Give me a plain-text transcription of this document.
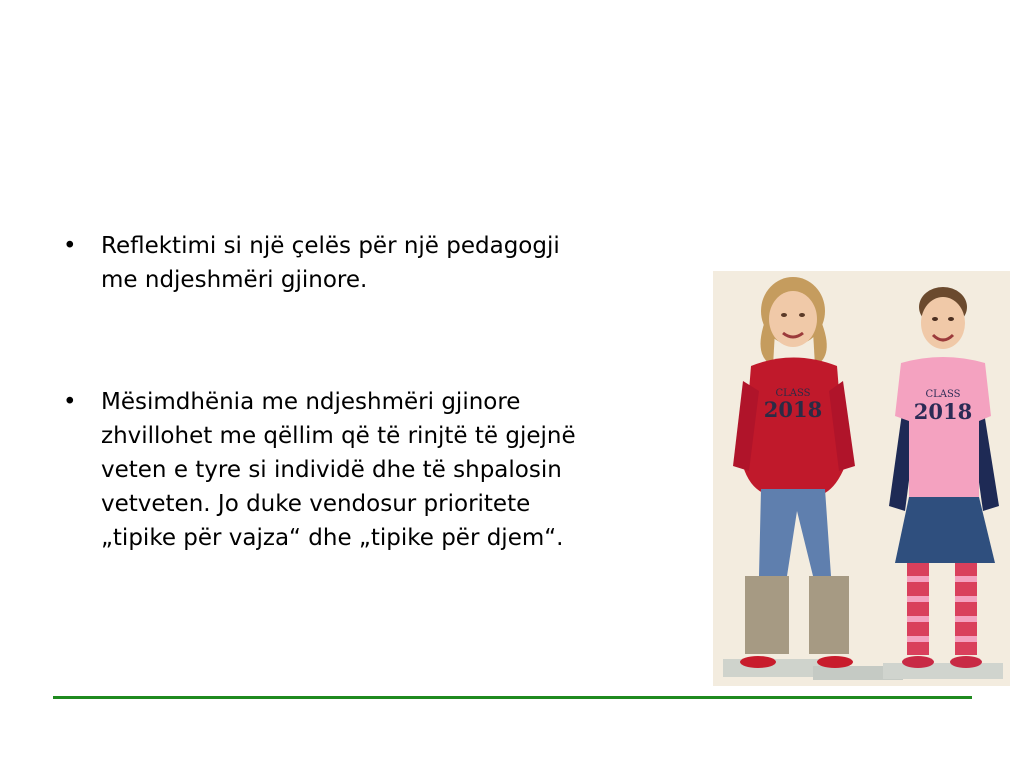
• Reflektimi si një çelës për një pedagogji me ndjeshmëri gjinore.
• Mësimdhënia me ndjeshmëri gjinore zhvillohet me qëllim që të rinjtë të gjejnë veten e tyre si individë dhe të shpalosin vetveten. Jo duke vendosur prioritete „tipike për vajza“ dhe „tipike për djem“.
CLASS
2018
CLASS
2018
